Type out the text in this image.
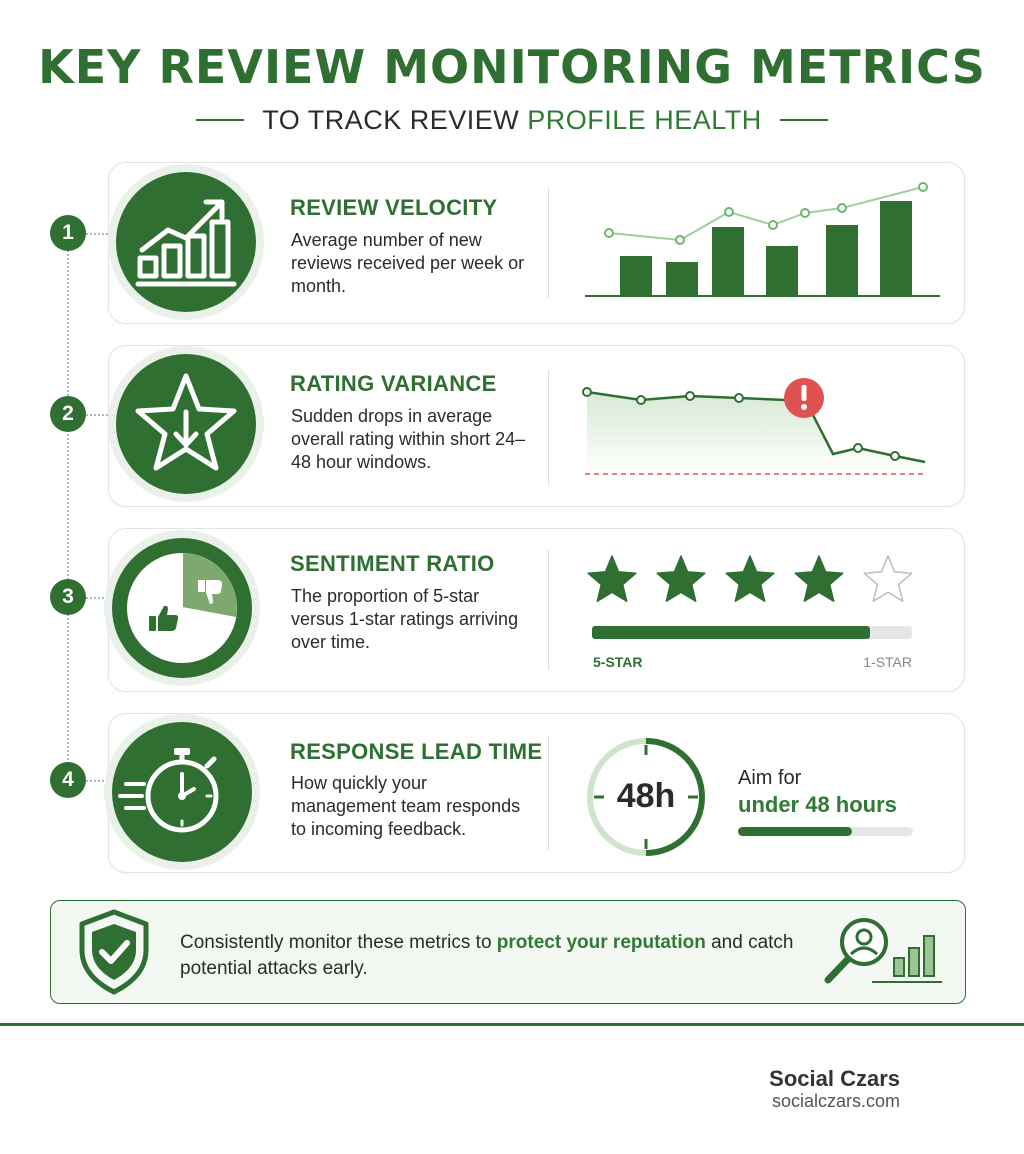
KEY REVIEW MONITORING METRICS
TO TRACK REVIEW PROFILE HEALTH
1
2
3
4
REVIEW VELOCITY
Average number of new reviews received per week or month.
RATING VARIANCE
Sudden drops in average overall rating within short 24–48 hour windows.
SENTIMENT RATIO
The proportion of 5-star versus 1-star ratings arriving over time.
5-STAR	1-STAR
RESPONSE LEAD TIME
How quickly your management team responds to incoming feedback.
48h	Aim for
under 48 hours
Consistently monitor these metrics to protect your reputation and catch potential attacks early.
Social Czars
socialczars.com
